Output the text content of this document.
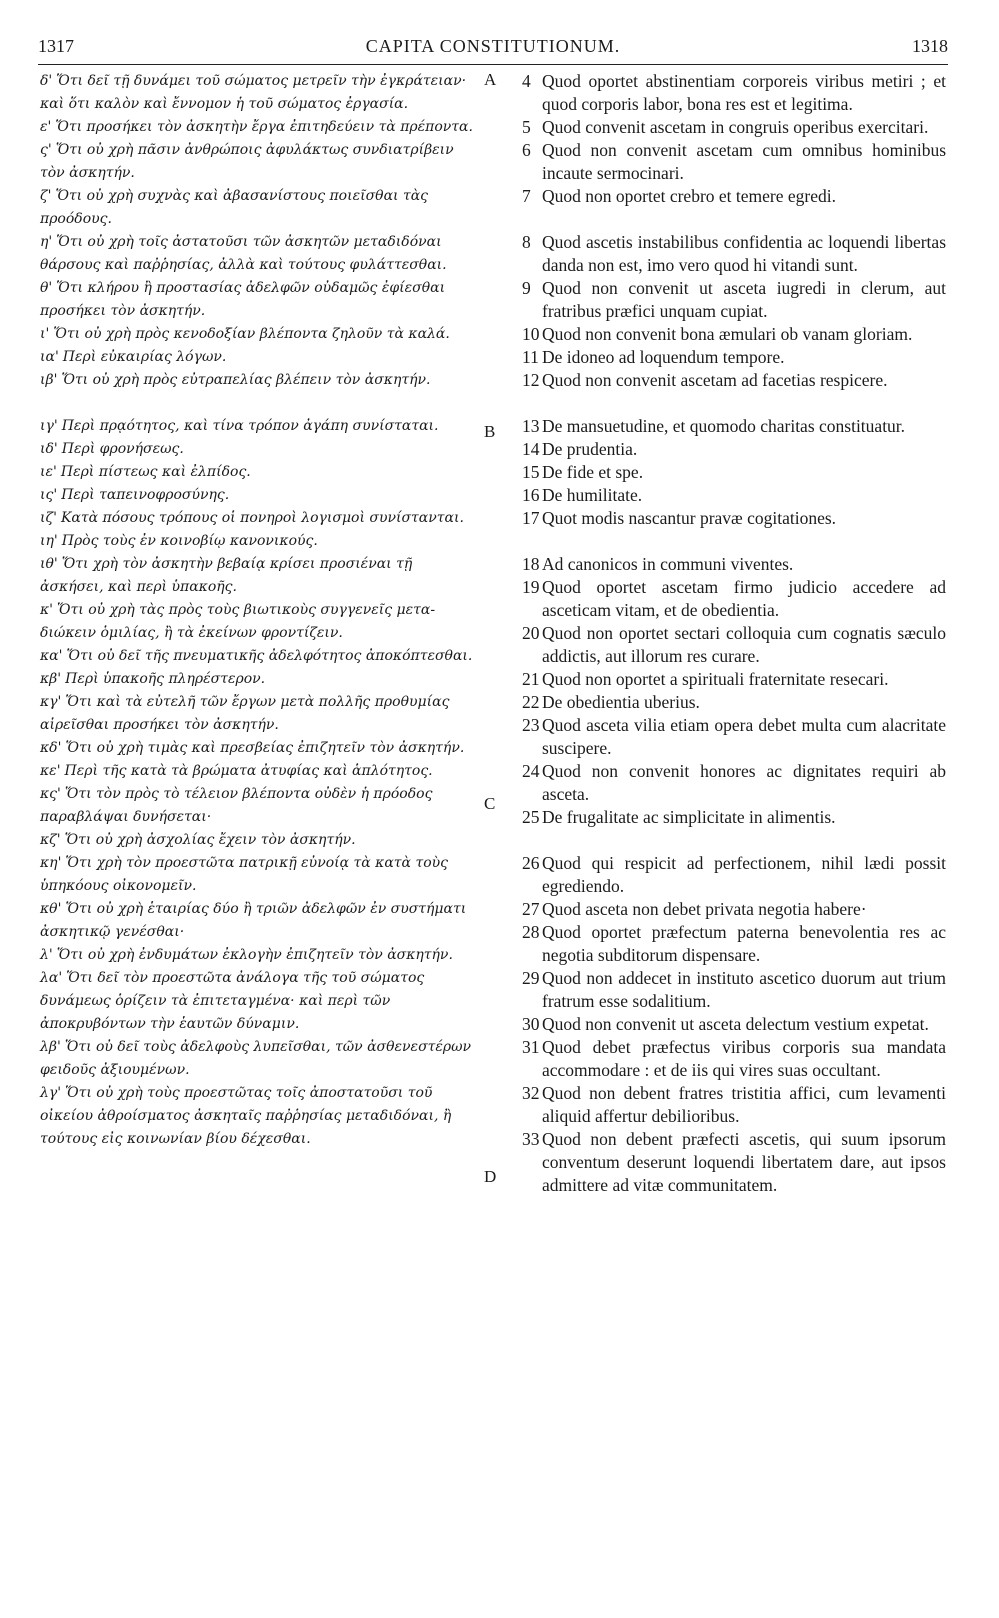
1317	CAPITA CONSTITUTIONUM.	1318
A
B
C
D

δ' Ὅτι δεῖ τῇ δυνάμει τοῦ σώματος μετρεῖν τὴν ἐγκράτειαν· καὶ ὅτι καλὸν καὶ ἔννομον ἡ τοῦ σώματος ἐργασία.

ε' Ὅτι προσήκει τὸν ἀσκητὴν ἔργα ἐπιτηδεύειν τὰ πρέποντα.

ς' Ὅτι οὐ χρὴ πᾶσιν ἀνθρώποις ἀφυλάκτως συνδιατρίβειν τὸν ἀσκητήν.

ζ' Ὅτι οὐ χρὴ συχνὰς καὶ ἀβασανίστους ποιεῖσθαι τὰς προόδους.

η' Ὅτι οὐ χρὴ τοῖς ἀστατοῦσι τῶν ἀσκητῶν μεταδιδόναι θάρσους καὶ παῤῥησίας, ἀλλὰ καὶ τούτους φυλάττεσθαι.

θ' Ὅτι κλήρου ἢ προστασίας ἀδελφῶν οὐδαμῶς ἐφίεσθαι προσήκει τὸν ἀσκητήν.

ι' Ὅτι οὐ χρὴ πρὸς κενοδοξίαν βλέποντα ζηλοῦν τὰ καλά.

ια' Περὶ εὐκαιρίας λόγων.

ιβ' Ὅτι οὐ χρὴ πρὸς εὐτραπελίας βλέπειν τὸν ἀσκητήν.

ιγ' Περὶ πρᾳότητος, καὶ τίνα τρόπον ἀγάπη συνίσταται.

ιδ' Περὶ φρονήσεως.

ιε' Περὶ πίστεως καὶ ἐλπίδος.

ις' Περὶ ταπεινοφροσύνης.

ιζ' Κατὰ πόσους τρόπους οἱ πονηροὶ λογισμοὶ συνίστανται.

ιη' Πρὸς τοὺς ἐν κοινοβίῳ κανονικούς.

ιθ' Ὅτι χρὴ τὸν ἀσκητὴν βεβαίᾳ κρίσει προσιέναι τῇ ἀσκήσει, καὶ περὶ ὑπακοῆς.

κ' Ὅτι οὐ χρὴ τὰς πρὸς τοὺς βιωτικοὺς συγγενεῖς μεταδιώκειν ὁμιλίας, ἢ τὰ ἐκείνων φροντίζειν.

κα' Ὅτι οὐ δεῖ τῆς πνευματικῆς ἀδελφότητος ἀποκόπτεσθαι.

κβ' Περὶ ὑπακοῆς πληρέστερον.

κγ' Ὅτι καὶ τὰ εὐτελῆ τῶν ἔργων μετὰ πολλῆς προθυμίας αἱρεῖσθαι προσήκει τὸν ἀσκητήν.

κδ' Ὅτι οὐ χρὴ τιμὰς καὶ πρεσβείας ἐπιζητεῖν τὸν ἀσκητήν.

κε' Περὶ τῆς κατὰ τὰ βρώματα ἀτυφίας καὶ ἁπλότητος.

κς' Ὅτι τὸν πρὸς τὸ τέλειον βλέποντα οὐδὲν ἡ πρόοδος παραβλάψαι δυνήσεται·

κζ' Ὅτι οὐ χρὴ ἀσχολίας ἔχειν τὸν ἀσκητήν.

κη' Ὅτι χρὴ τὸν προεστῶτα πατρικῇ εὐνοίᾳ τὰ κατὰ τοὺς ὑπηκόους οἰκονομεῖν.

κθ' Ὅτι οὐ χρὴ ἑταιρίας δύο ἢ τριῶν ἀδελφῶν ἐν συστήματι ἀσκητικῷ γενέσθαι·

λ' Ὅτι οὐ χρὴ ἐνδυμάτων ἐκλογὴν ἐπιζητεῖν τὸν ἀσκητήν.

λα' Ὅτι δεῖ τὸν προεστῶτα ἀνάλογα τῆς τοῦ σώματος δυνάμεως ὁρίζειν τὰ ἐπιτεταγμένα· καὶ περὶ τῶν ἀποκρυβόντων τὴν ἑαυτῶν δύναμιν.

λβ' Ὅτι οὐ δεῖ τοὺς ἀδελφοὺς λυπεῖσθαι, τῶν ἀσθενεστέρων φειδοῦς ἀξιουμένων.

λγ' Ὅτι οὐ χρὴ τοὺς προεστῶτας τοῖς ἀποστατοῦσι τοῦ οἰκείου ἀθροίσματος ἀσκηταῖς παῤῥησίας μεταδιδόναι, ἢ τούτους εἰς κοινωνίαν βίου δέχεσθαι.

4 Quod oportet abstinentiam corporeis viribus metiri ; et quod corporis labor, bona res est et legitima.

5 Quod convenit ascetam in congruis operibus exercitari.

6 Quod non convenit ascetam cum omnibus hominibus incaute sermocinari.

7 Quod non oportet crebro et temere egredi.

8 Quod ascetis instabilibus confidentia ac loquendi libertas danda non est, imo vero quod hi vitandi sunt.

9 Quod non convenit ut asceta iugredi in clerum, aut fratribus præfici unquam cupiat.

10 Quod non convenit bona æmulari ob vanam gloriam.

11 De idoneo ad loquendum tempore.

12 Quod non convenit ascetam ad facetias respicere.

13 De mansuetudine, et quomodo charitas constituatur.

14 De prudentia.

15 De fide et spe.

16 De humilitate.

17 Quot modis nascantur pravæ cogitationes.

18 Ad canonicos in communi viventes.

19 Quod oportet ascetam firmo judicio accedere ad asceticam vitam, et de obedientia.

20 Quod non oportet sectari colloquia cum cognatis sæculo addictis, aut illorum res curare.

21 Quod non oportet a spirituali fraternitate resecari.

22 De obedientia uberius.

23 Quod asceta vilia etiam opera debet multa cum alacritate suscipere.

24 Quod non convenit honores ac dignitates requiri ab asceta.

25 De frugalitate ac simplicitate in alimentis.

26 Quod qui respicit ad perfectionem, nihil lædi possit egrediendo.

27 Quod asceta non debet privata negotia habere·

28 Quod oportet præfectum paterna benevolentia res ac negotia subditorum dispensare.

29 Quod non addecet in instituto ascetico duorum aut trium fratrum esse sodalitium.

30 Quod non convenit ut asceta delectum vestium expetat.

31 Quod debet præfectus viribus corporis sua mandata accommodare : et de iis qui vires suas occultant.

32 Quod non debent fratres tristitia affici, cum levamenti aliquid affertur debilioribus.

33 Quod non debent præfecti ascetis, qui suum ipsorum conventum deserunt loquendi libertatem dare, aut ipsos admittere ad vitæ communitatem.
